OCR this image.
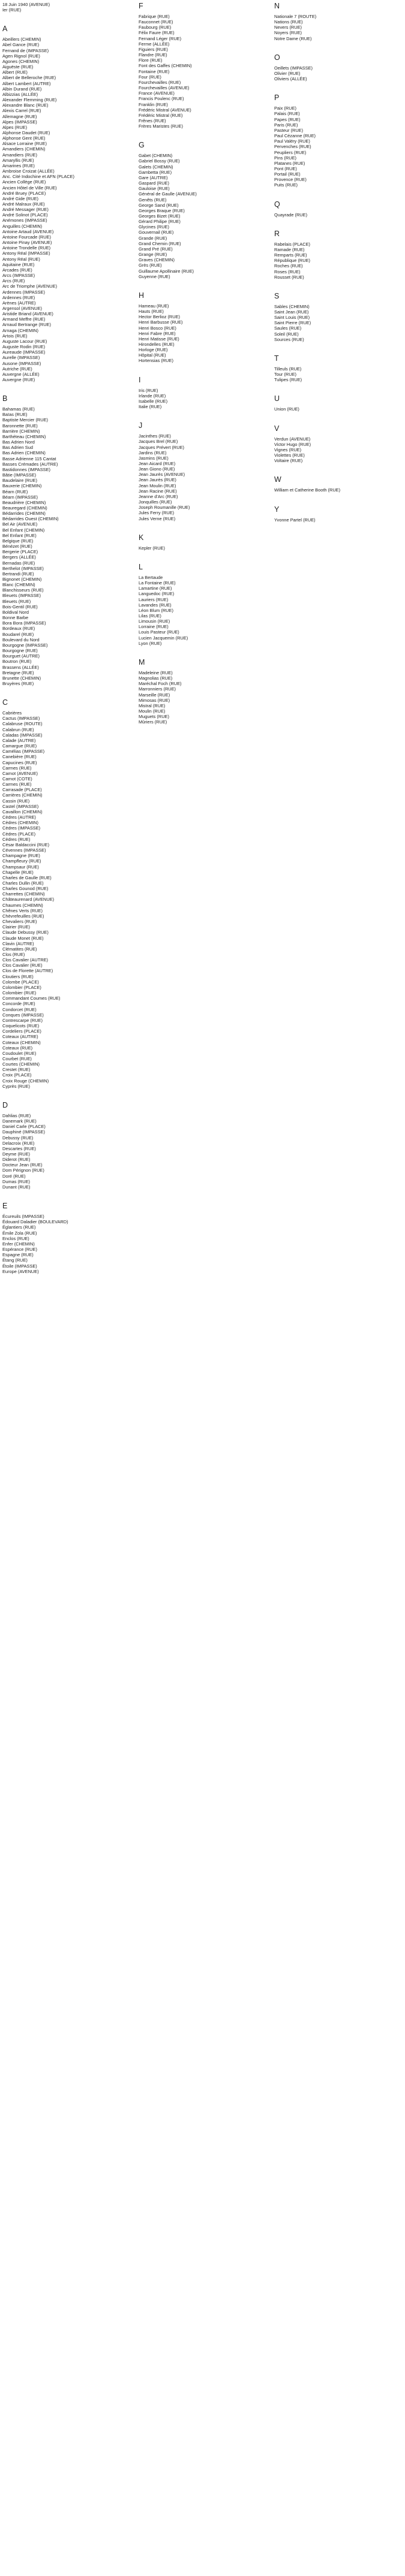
18 Juin 1940 (AVENUE)
Ier (RUE)
A
Abeillers (CHEMIN)
Abel Gance (RUE)
Fernand de (IMPASSE)
Agen Rignol (RUE)
Agones (CHEMIN)
Aiguëste (RUE)
Albert (RUE)
Albert de Belleroche (RUE)
Albert Lambert (AUTRE)
Albin Durand (RUE)
Albizzias (ALLÉE)
Alexander Flemming (RUE)
Alexandre Blanc (RUE)
Alexis Carrel (RUE)
Allemagne (RUE)
Alpes (IMPASSE)
Alpes (RUE)
Alphonse Daudet (RUE)
Alphonse Gent (RUE)
Alsace Lorraine (RUE)
Amandiers (CHEMIN)
Amandiers (RUE)
Amaryllis (RUE)
Amarines (RUE)
Ambroise Croizat (ALLÉE)
Anc. Cité Indochine et AFN (PLACE)
Ancien Collège (RUE)
Ancien Hôtel de Ville (RUE)
André Bruey (PLACE)
André Gide (RUE)
André Malraux (RUE)
André Messager (RUE)
André Solinot (PLACE)
Anémones (IMPASSE)
Anguilles (CHEMIN)
Antoine Artaud (AVENUE)
Antoine Fourcade (RUE)
Antoine Pinay (AVENUE)
Antoine Trondelle (RUE)
Antony Réal (IMPASSE)
Antony Réal (RUE)
Aquitaine (RUE)
Arcades (RUE)
Arcs (IMPASSE)
Arcs (RUE)
Arc de Triomphe (AVENUE)
Ardennes (IMPASSE)
Ardennes (RUE)
Arènes (AUTRE)
Argensol (AVENUE)
Aristide Briand (AVENUE)
Armand Meffre (RUE)
Arnaud Bertrange (RUE)
Arnaga (CHEMIN)
Artois (RUE)
Auguste Lacour (RUE)
Auguste Rodin (RUE)
Aureaude (IMPASSE)
Aurelle (IMPASSE)
Ausone (IMPASSE)
Autriche (RUE)
Auvergne (ALLÉE)
Auvergne (RUE)
B
Bahamas (RUE)
Baïas (RUE)
Baptiste Mercier (RUE)
Baronnette (RUE)
Barrière (CHEMIN)
Barthéteau (CHEMIN)
Bas Adrien Nord
Bas Adrien Sud
Bas Adrien (CHEMIN)
Basse Adrienne 115 Cantat
Basses Crémades (AUTRE)
Bastidonnes (IMPASSE)
Bâtie (IMPASSE)
Baudelaire (RUE)
Bauxerie (CHEMIN)
Béarn (RUE)
Béarn (IMPASSE)
Beaudrière (CHEMIN)
Beauregard (CHEMIN)
Bédarrides (CHEMIN)
Bédarrides Ouest (CHEMIN)
Bel Air (AVENUE)
Bel Enfant (CHEMIN)
Bel Enfant (RUE)
Belgique (RUE)
Bénézet (RUE)
Bergerie (PLACE)
Bergers (ALLÉE)
Bernadas (RUE)
Berthelot (IMPASSE)
Bertrandi (RUE)
Bignonet (CHEMIN)
Blanc (CHEMIN)
Blanchisseurs (RUE)
Bleuets (IMPASSE)
Bleuets (RUE)
Bois-Gentil (RUE)
Boldival Nord
Bonne Barbe
Bora Bora (IMPASSE)
Bordeaux (RUE)
Boudarel (RUE)
Boulevard du Nord
Bourgogne (IMPASSE)
Bourgogne (RUE)
Bourguet (AUTRE)
Boutron (RUE)
Brassens (ALLÉE)
Bretagne (RUE)
Brunette (CHEMIN)
Bruyères (RUE)
C
Cabrières
Cactus (IMPASSE)
Calabruse (ROUTE)
Calabrun (RUE)
Caladas (IMPASSE)
Calade (AUTRE)
Camargue (RUE)
Camélias (IMPASSE)
Canebière (RUE)
Capucines (RUE)
Carmes (RUE)
Carnot (AVENUE)
Carnot (COTE)
Carmes (RUE)
Carrasade (PLACE)
Carrières (CHEMIN)
Cassin (RUE)
Castel (IMPASSE)
Cavaillon (CHEMIN)
Cèdres (AUTRE)
Cèdres (CHEMIN)
Cèdres (IMPASSE)
Cèdres (PLACE)
Cèdres (RUE)
César Baldaccini (RUE)
Cévennes (IMPASSE)
Champagne (RUE)
Champfleury (RUE)
Champsaur (RUE)
Chapelle (RUE)
Charles de Gaulle (RUE)
Charles Dullin (RUE)
Charles Gounod (RUE)
Charrettes (CHEMIN)
Châteaurenard (AVENUE)
Chaumes (CHEMIN)
Chênes Verts (RUE)
Chèvrefeuilles (RUE)
Chevaliers (RUE)
Clairier (RUE)
Claude Debussy (RUE)
Claude Monet (RUE)
Clavin (AUTRE)
Clématites (RUE)
Clos (RUE)
Clos Cavalier (AUTRE)
Clos Cavalier (RUE)
Clos de Florette (AUTRE)
Cloutiers (RUE)
Colombe (PLACE)
Colombier (PLACE)
Colombier (RUE)
Commandant Coumes (RUE)
Concorde (RUE)
Condorcet (RUE)
Conques (IMPASSE)
Contrescarpe (RUE)
Coquelicots (RUE)
Cordeliers (PLACE)
Coteaux (AUTRE)
Coteaux (CHEMIN)
Coteaux (RUE)
Coudoulet (RUE)
Courbet (RUE)
Courtes (CHEMIN)
Crestet (RUE)
Croix (PLACE)
Croix Rouge (CHEMIN)
Cyprès (RUE)
D
Dahlias (RUE)
Danemark (RUE)
Daniel Carle (PLACE)
Dauphiné (IMPASSE)
Debussy (RUE)
Delacroix (RUE)
Descartes (RUE)
Deyme (RUE)
Diderot (RUE)
Docteur Jean (RUE)
Dom Pérignon (RUE)
Doré (RUE)
Dumas (RUE)
Dunant (RUE)
E
Écureuils (IMPASSE)
Édouard Daladier (BOULEVARD)
Églantiers (RUE)
Émile Zola (RUE)
Enclos (RUE)
Enfer (CHEMIN)
Espérance (RUE)
Espagne (RUE)
Étang (RUE)
Étoile (IMPASSE)
Europe (AVENUE)
F
Fabrique (RUE)
Fauconnet (RUE)
Faubourg (RUE)
Félix Faure (RUE)
Fernand Léger (RUE)
Ferme (ALLÉE)
Figuiers (RUE)
Flandre (RUE)
Flore (RUE)
Font des Gaffes (CHEMIN)
Fontaine (RUE)
Four (RUE)
Fourchevailles (RUE)
Fourchevailles (AVENUE)
France (AVENUE)
Francis Poulenc (RUE)
Franklin (RUE)
Frédéric Mistral (AVENUE)
Frédéric Mistral (RUE)
Frênes (RUE)
Frères Maristes (RUE)
G
Gabet (CHEMIN)
Gabriel Bossy (RUE)
Galets (CHEMIN)
Gambetta (RUE)
Gare (AUTRE)
Gaspard (RUE)
Gauloise (RUE)
Général de Gaulle (AVENUE)
Genêts (RUE)
George Sand (RUE)
Georges Braque (RUE)
Georges Bizet (RUE)
Gérard Philipe (RUE)
Glycines (RUE)
Gouvernail (RUE)
Grande (RUE)
Grand Chemin (RUE)
Grand Pré (RUE)
Grange (RUE)
Graves (CHEMIN)
Grès (RUE)
Guillaume Apollinaire (RUE)
Guyenne (RUE)
H
Hameau (RUE)
Hauts (RUE)
Hector Berlioz (RUE)
Henri Barbusse (RUE)
Henri Bosco (RUE)
Henri Fabre (RUE)
Henri Matisse (RUE)
Hirondelles (RUE)
Horloge (RUE)
Hôpital (RUE)
Hortensias (RUE)
I
Iris (RUE)
Irlande (RUE)
Isabelle (RUE)
Italie (RUE)
J
Jacinthes (RUE)
Jacques Brel (RUE)
Jacques Prévert (RUE)
Jardins (RUE)
Jasmins (RUE)
Jean Aicard (RUE)
Jean Giono (RUE)
Jean Jaurès (AVENUE)
Jean Jaurès (RUE)
Jean Moulin (RUE)
Jean Racine (RUE)
Jeanne d'Arc (RUE)
Jonquilles (RUE)
Joseph Roumanille (RUE)
Jules Ferry (RUE)
Jules Verne (RUE)
K
Kepler (RUE)
L
La Bertaude
La Fontaine (RUE)
Lamartine (RUE)
Languedoc (RUE)
Lauriers (RUE)
Lavandes (RUE)
Léon Blum (RUE)
Lilas (RUE)
Limousin (RUE)
Lorraine (RUE)
Louis Pasteur (RUE)
Lucien Jacquemin (RUE)
Lyon (RUE)
M
Madeleine (RUE)
Magnolias (RUE)
Maréchal Foch (RUE)
Marronniers (RUE)
Marseille (RUE)
Mimosas (RUE)
Mistral (RUE)
Moulin (RUE)
Muguets (RUE)
Mûriers (RUE)
N
Nationale 7 (ROUTE)
Nations (RUE)
Nevers (RUE)
Noyers (RUE)
Notre Dame (RUE)
O
Oeillets (IMPASSE)
Olivier (RUE)
Oliviers (ALLÉE)
P
Paix (RUE)
Palais (RUE)
Papes (RUE)
Paris (RUE)
Pasteur (RUE)
Paul Cézanne (RUE)
Paul Valéry (RUE)
Pervenches (RUE)
Peupliers (RUE)
Pins (RUE)
Platanes (RUE)
Pont (RUE)
Portail (RUE)
Provence (RUE)
Puits (RUE)
Q
Quayrade (RUE)
R
Rabelais (PLACE)
Ramade (RUE)
Remparts (RUE)
République (RUE)
Roches (RUE)
Roses (RUE)
Rousset (RUE)
S
Sables (CHEMIN)
Saint Jean (RUE)
Saint Louis (RUE)
Saint Pierre (RUE)
Saules (RUE)
Soleil (RUE)
Sources (RUE)
T
Tilleuls (RUE)
Tour (RUE)
Tulipes (RUE)
U
Union (RUE)
V
Verdun (AVENUE)
Victor Hugo (RUE)
Vignes (RUE)
Violettes (RUE)
Voltaire (RUE)
W
William et Catherine Booth (RUE)
Y
Yvonne Partel (RUE)
